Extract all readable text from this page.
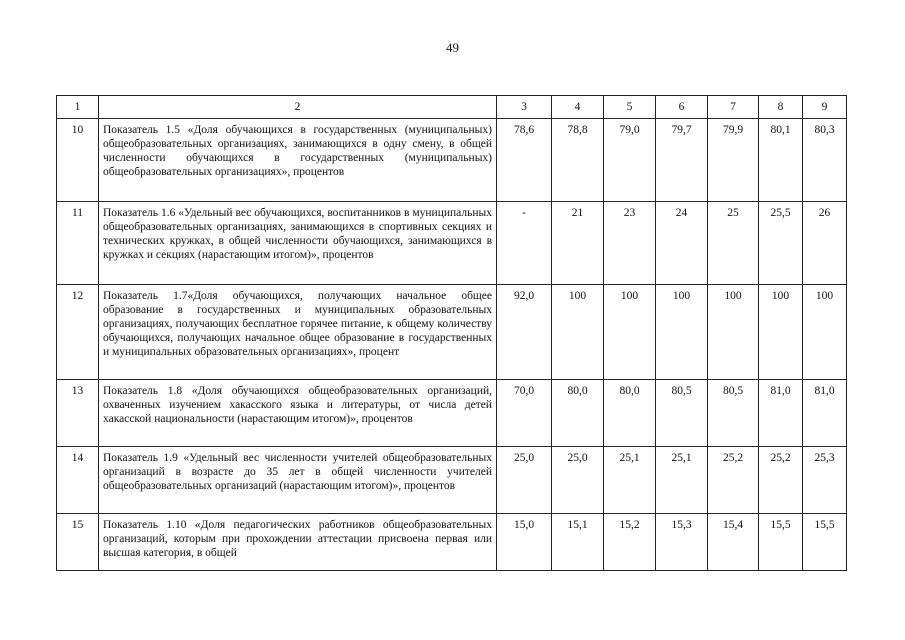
49
1	2	3	4	5	6	7	8	9
10	Показатель 1.5 «Доля обучающихся в государственных (муниципальных) общеобразовательных организациях, занимающихся в одну смену, в общей численности обучающихся в государственных (муниципальных) общеобразовательных организациях», процентов	78,6	78,8	79,0	79,7	79,9	80,1	80,3
11	Показатель 1.6 «Удельный вес обучающихся, воспитанников в муниципальных общеобразовательных организациях, занимающихся в спортивных секциях и технических кружках, в общей численности обучающихся, занимающихся в кружках и секциях (нарастающим итогом)», процентов	-	21	23	24	25	25,5	26
12	Показатель 1.7«Доля обучающихся, получающих начальное общее образование в государственных и муниципальных образовательных организациях, получающих бесплатное горячее питание, к общему количеству обучающихся, получающих начальное общее образование в государственных и муниципальных образовательных организациях», процент	92,0	100	100	100	100	100	100
13	Показатель 1.8 «Доля обучающихся общеобразовательных организаций, охваченных изучением хакасского языка и литературы, от числа детей хакасской национальности (нарастающим итогом)», процентов	70,0	80,0	80,0	80,5	80,5	81,0	81,0
14	Показатель 1.9 «Удельный вес численности учителей общеобразовательных организаций в возрасте до 35 лет в общей численности учителей общеобразовательных организаций (нарастающим итогом)», процентов	25,0	25,0	25,1	25,1	25,2	25,2	25,3
15	Показатель 1.10 «Доля педагогических работников общеобразовательных организаций, которым при прохождении аттестации присвоена первая или высшая категория, в общей	15,0	15,1	15,2	15,3	15,4	15,5	15,5
